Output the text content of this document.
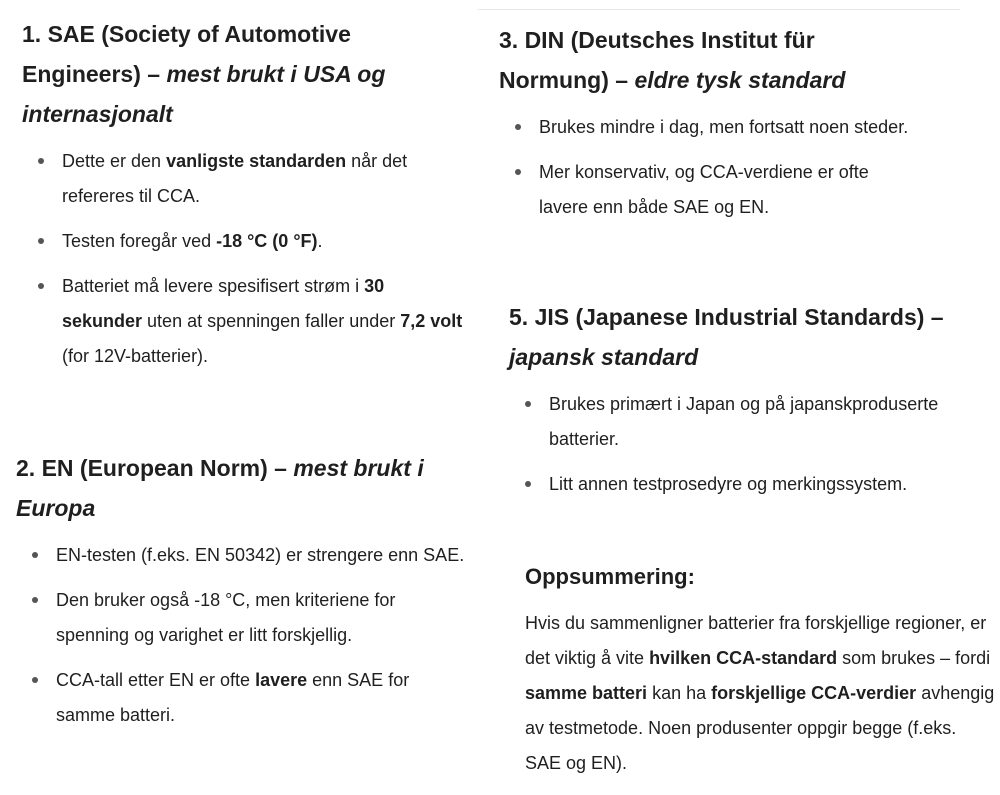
1. SAE (Society of Automotive Engineers) – mest brukt i USA og internasjonalt
Dette er den vanligste standarden når det refereres til CCA.
Testen foregår ved -18 °C (0 °F).
Batteriet må levere spesifisert strøm i 30 sekunder uten at spenningen faller under 7,2 volt (for 12V-batterier).
2. EN (European Norm) – mest brukt i Europa
EN-testen (f.eks. EN 50342) er strengere enn SAE.
Den bruker også -18 °C, men kriteriene for spenning og varighet er litt forskjellig.
CCA-tall etter EN er ofte lavere enn SAE for samme batteri.
3. DIN (Deutsches Institut für Normung) – eldre tysk standard
Brukes mindre i dag, men fortsatt noen steder.
Mer konservativ, og CCA-verdiene er ofte lavere enn både SAE og EN.
5. JIS (Japanese Industrial Standards) – japansk standard
Brukes primært i Japan og på japanskproduserte batterier.
Litt annen testprosedyre og merkingssystem.
Oppsummering:

Hvis du sammenligner batterier fra forskjellige regioner, er det viktig å vite hvilken CCA-standard som brukes – fordi samme batteri kan ha forskjellige CCA-verdier avhengig av testmetode. Noen produsenter oppgir begge (f.eks. SAE og EN).
